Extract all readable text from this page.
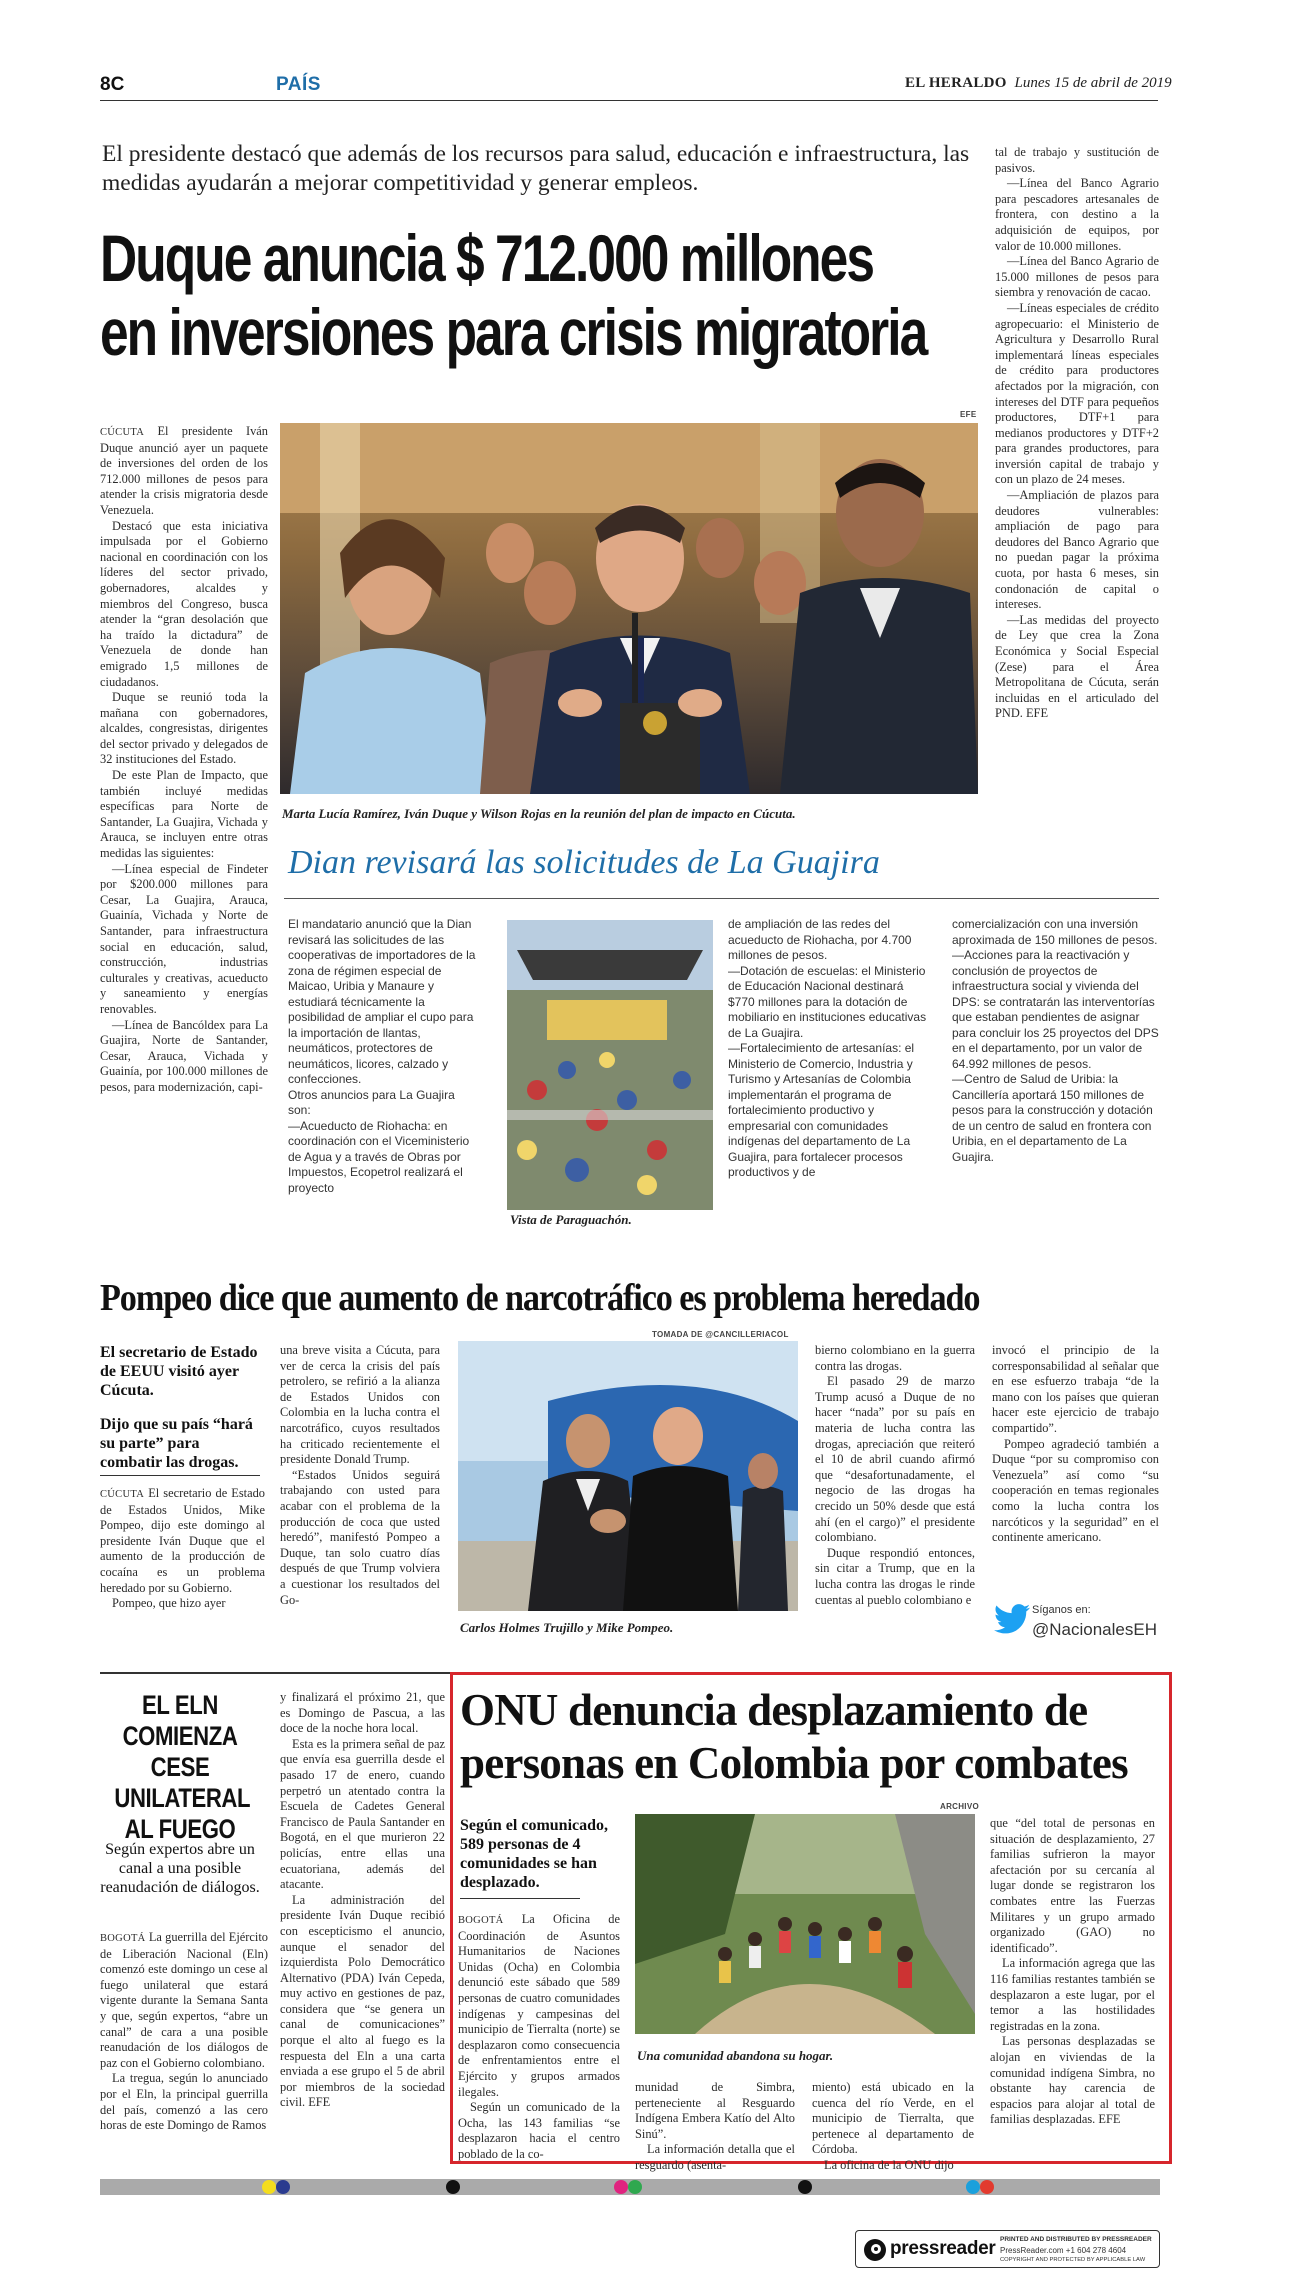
8C	PAÍS	EL HERALDO Lunes 15 de abril de 2019
El presidente destacó que además de los recursos para salud, educación e infraestructura, las medidas ayudarán a mejorar competitividad y generar empleos.
Duque anuncia $ 712.000 millones
en inversiones para crisis migratoria
EFE
Marta Lucía Ramírez, Iván Duque y Wilson Rojas en la reunión del plan de impacto en Cúcuta.

CÚCUTA El presidente Iván Duque anunció ayer un paquete de inversiones del orden de los 712.000 millones de pesos para atender la crisis migratoria desde Venezuela.

Destacó que esta iniciativa impulsada por el Gobierno nacional en coordinación con los líderes del sector privado, gobernadores, alcaldes y miembros del Congreso, busca atender la “gran desolación que ha traído la dictadura” de Venezuela de donde han emigrado 1,5 millones de ciudadanos.

Duque se reunió toda la mañana con gobernadores, alcaldes, congresistas, dirigentes del sector privado y delegados de 32 instituciones del Estado.

De este Plan de Impacto, que también incluyé medidas específicas para Norte de Santander, La Guajira, Vichada y Arauca, se incluyen entre otras medidas las siguientes:

—Línea especial de Findeter por $200.000 millones para Cesar, La Guajira, Arauca, Guainía, Vichada y Norte de Santander, para infraestructura social en educación, salud, construcción, industrias culturales y creativas, acueducto y saneamiento y energías renovables.

—Línea de Bancóldex para La Guajira, Norte de Santander, Cesar, Arauca, Vichada y Guainía, por 100.000 millones de pesos, para modernización, capi-

tal de trabajo y sustitución de pasivos.

—Línea del Banco Agrario para pescadores artesanales de frontera, con destino a la adquisición de equipos, por valor de 10.000 millones.

—Línea del Banco Agrario de 15.000 millones de pesos para siembra y renovación de cacao.

—Líneas especiales de crédito agropecuario: el Ministerio de Agricultura y Desarrollo Rural implementará líneas especiales de crédito para productores afectados por la migración, con intereses del DTF para pequeños productores, DTF+1 para medianos productores y DTF+2 para grandes productores, para inversión capital de trabajo y con un plazo de 24 meses.

—Ampliación de plazos para deudores vulnerables: ampliación de pago para deudores del Banco Agrario que no puedan pagar la próxima cuota, por hasta 6 meses, sin condonación de capital o intereses.

—Las medidas del proyecto de Ley que crea la Zona Económica y Social Especial (Zese) para el Área Metropolitana de Cúcuta, serán incluidas en el articulado del PND. EFE

Dian revisará las solicitudes de La Guajira
El mandatario anunció que la Dian revisará las solicitudes de las cooperativas de importadores de la zona de régimen especial de Maicao, Uribia y Manaure y estudiará técnicamente la posibilidad de ampliar el cupo para la importación de llantas, neumáticos, protectores de neumáticos, licores, calzado y confecciones.
Otros anuncios para La Guajira son:
—Acueducto de Riohacha: en coordinación con el Viceministerio de Agua y a través de Obras por Impuestos, Ecopetrol realizará el proyecto
Vista de Paraguachón.
de ampliación de las redes del acueducto de Riohacha, por 4.700 millones de pesos.
—Dotación de escuelas: el Ministerio de Educación Nacional destinará $770 millones para la dotación de mobiliario en instituciones educativas de La Guajira.
—Fortalecimiento de artesanías: el Ministerio de Comercio, Industria y Turismo y Artesanías de Colombia implementarán el programa de fortalecimiento productivo y empresarial con comunidades indígenas del departamento de La Guajira, para fortalecer procesos productivos y de
comercialización con una inversión aproximada de 150 millones de pesos.
—Acciones para la reactivación y conclusión de proyectos de infraestructura social y vivienda del DPS: se contratarán las interventorías que estaban pendientes de asignar para concluir los 25 proyectos del DPS en el departamento, por un valor de 64.992 millones de pesos.
—Centro de Salud de Uribia: la Cancillería aportará 150 millones de pesos para la construcción y dotación de un centro de salud en frontera con Uribia, en el departamento de La Guajira.
Pompeo dice que aumento de narcotráfico es problema heredado
El secretario de Estado de EEUU visitó ayer Cúcuta.
Dijo que su país “hará su parte” para combatir las drogas.

CÚCUTA El secretario de Estado de Estados Unidos, Mike Pompeo, dijo este domingo al presidente Iván Duque que el aumento de la producción de cocaína es un problema heredado por su Gobierno.

Pompeo, que hizo ayer

una breve visita a Cúcuta, para ver de cerca la crisis del país petrolero, se refirió a la alianza de Estados Unidos con Colombia en la lucha contra el narcotráfico, cuyos resultados ha criticado recientemente el presidente Donald Trump.

“Estados Unidos seguirá trabajando con usted para acabar con el problema de la producción de coca que usted heredó”, manifestó Pompeo a Duque, tan solo cuatro días después de que Trump volviera a cuestionar los resultados del Go-

TOMADA DE @CANCILLERIACOL
Carlos Holmes Trujillo y Mike Pompeo.

bierno colombiano en la guerra contra las drogas.

El pasado 29 de marzo Trump acusó a Duque de no hacer “nada” por su país en materia de lucha contra las drogas, apreciación que reiteró el 10 de abril cuando afirmó que “desafortunadamente, el negocio de las drogas ha crecido un 50% desde que está ahí (en el cargo)” el presidente colombiano.

Duque respondió entonces, sin citar a Trump, que en la lucha contra las drogas le rinde cuentas al pueblo colombiano e

invocó el principio de la corresponsabilidad al señalar que en ese esfuerzo trabaja “de la mano con los países que quieran hacer este ejercicio de trabajo compartido”.

Pompeo agradeció también a Duque “por su compromiso con Venezuela” así como “su cooperación en temas regionales como la lucha contra los narcóticos y la seguridad” en el continente americano.

Síganos en:
@NacionalesEH
EL ELN COMIENZA CESE UNILATERAL AL FUEGO
Según expertos abre un canal a una posible reanudación de diálogos.

BOGOTÁ La guerrilla del Ejército de Liberación Nacional (Eln) comenzó este domingo un cese al fuego unilateral que estará vigente durante la Semana Santa y que, según expertos, “abre un canal” de cara a una posible reanudación de los diálogos de paz con el Gobierno colombiano.

La tregua, según lo anunciado por el Eln, la principal guerrilla del país, comenzó a las cero horas de este Domingo de Ramos

y finalizará el próximo 21, que es Domingo de Pascua, a las doce de la noche hora local.

Esta es la primera señal de paz que envía esa guerrilla desde el pasado 17 de enero, cuando perpetró un atentado contra la Escuela de Cadetes General Francisco de Paula Santander en Bogotá, en el que murieron 22 policías, entre ellas una ecuatoriana, además del atacante.

La administración del presidente Iván Duque recibió con escepticismo el anuncio, aunque el senador del izquierdista Polo Democrático Alternativo (PDA) Iván Cepeda, muy activo en gestiones de paz, considera que “se genera un canal de comunicaciones” porque el alto al fuego es la respuesta del Eln a una carta enviada a ese grupo el 5 de abril por miembros de la sociedad civil. EFE

ONU denuncia desplazamiento de
personas en Colombia por combates
Según el comunicado, 589 personas de 4 comunidades se han desplazado.

BOGOTÁ La Oficina de Coordinación de Asuntos Humanitarios de Naciones Unidas (Ocha) en Colombia denunció este sábado que 589 personas de cuatro comunidades indígenas y campesinas del municipio de Tierralta (norte) se desplazaron como consecuencia de enfrentamientos entre el Ejército y grupos armados ilegales.

Según un comunicado de la Ocha, las 143 familias “se desplazaron hacia el centro poblado de la co-

ARCHIVO
Una comunidad abandona su hogar.

munidad de Simbra, perteneciente al Resguardo Indígena Embera Katío del Alto Sinú”.

La información detalla que el resguardo (asenta-

miento) está ubicado en la cuenca del río Verde, en el municipio de Tierralta, que pertenece al departamento de Córdoba.

La oficina de la ONU dijo

que “del total de personas en situación de desplazamiento, 27 familias sufrieron la mayor afectación por su cercanía al lugar donde se registraron los combates entre las Fuerzas Militares y un grupo armado organizado (GAO) no identificado”.

La información agrega que las 116 familias restantes también se desplazaron a este lugar, por el temor a las hostilidades registradas en la zona.

Las personas desplazadas se alojan en viviendas de la comunidad indígena Simbra, no obstante hay carencia de espacios para alojar al total de familias desplazadas. EFE

pressreader PRINTED AND DISTRIBUTED BY PRESSREADER
PressReader.com +1 604 278 4604
COPYRIGHT AND PROTECTED BY APPLICABLE LAW
